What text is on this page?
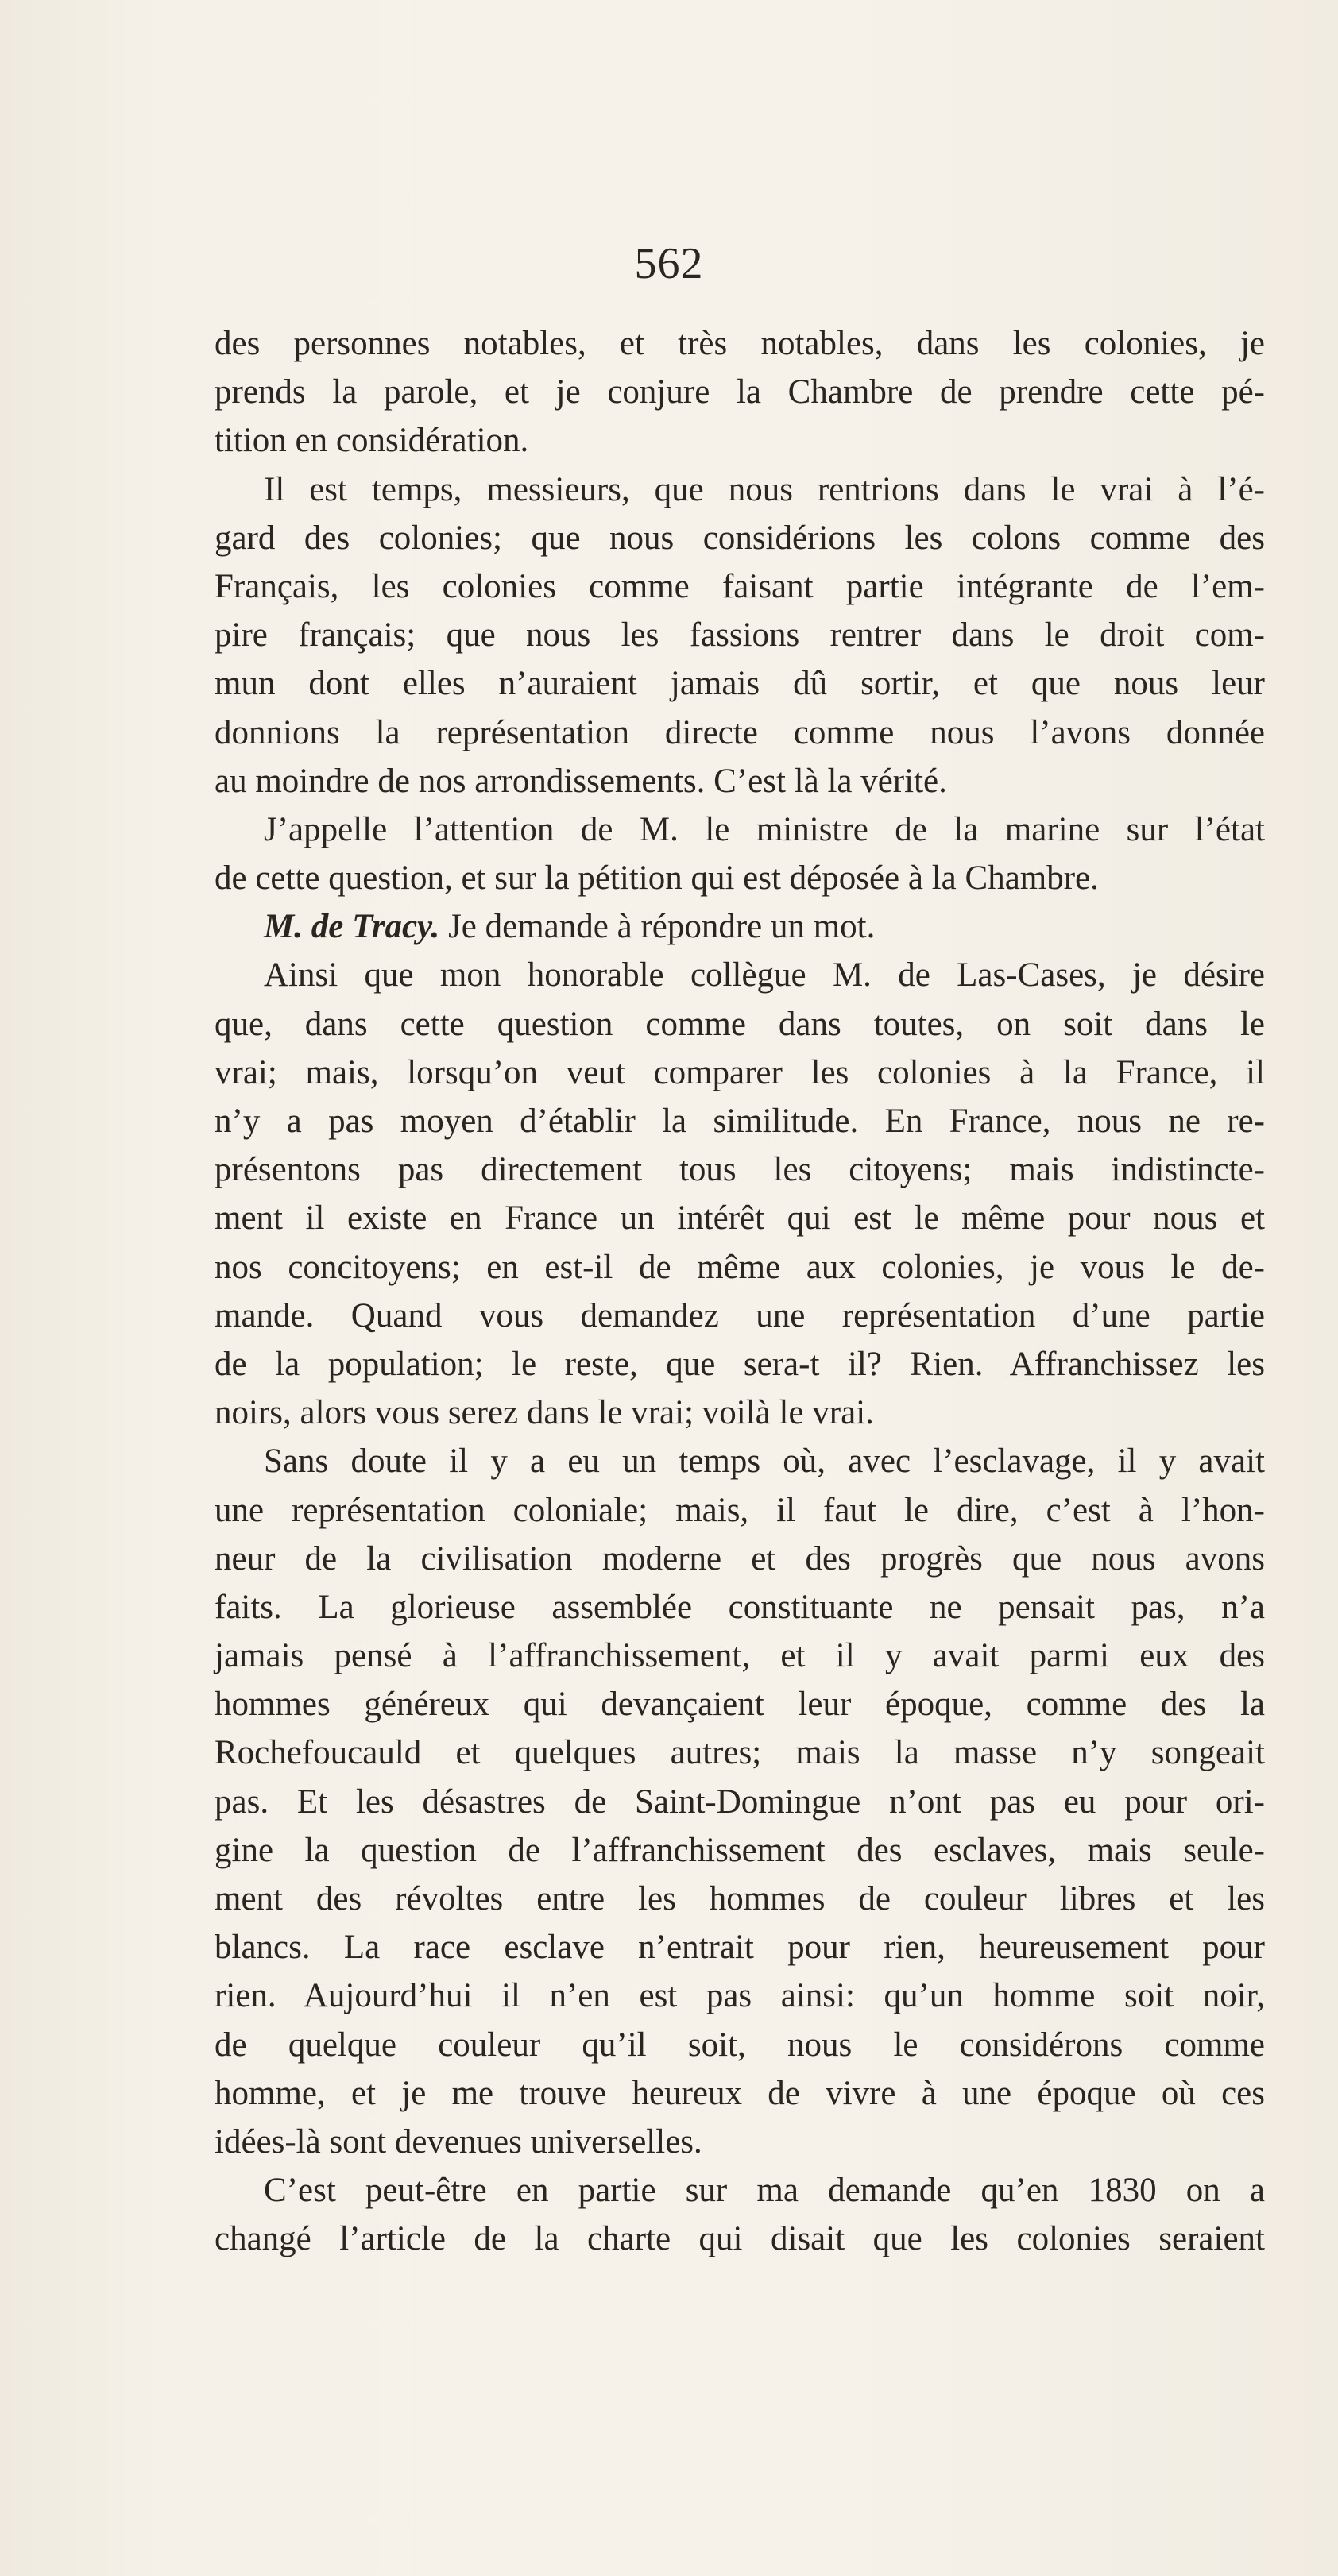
562
des personnes notables, et très notables, dans les colonies, je
prends la parole, et je conjure la Chambre de prendre cette pé-
tition en considération.
Il est temps, messieurs, que nous rentrions dans le vrai à l’é-
gard des colonies; que nous considérions les colons comme des
Français, les colonies comme faisant partie intégrante de l’em-
pire français; que nous les fassions rentrer dans le droit com-
mun dont elles n’auraient jamais dû sortir, et que nous leur
donnions la représentation directe comme nous l’avons donnée
au moindre de nos arrondissements. C’est là la vérité.
J’appelle l’attention de M. le ministre de la marine sur l’état
de cette question, et sur la pétition qui est déposée à la Chambre.
M. de Tracy. Je demande à répondre un mot.
Ainsi que mon honorable collègue M. de Las-Cases, je désire
que, dans cette question comme dans toutes, on soit dans le
vrai; mais, lorsqu’on veut comparer les colonies à la France, il
n’y a pas moyen d’établir la similitude. En France, nous ne re-
présentons pas directement tous les citoyens; mais indistincte-
ment il existe en France un intérêt qui est le même pour nous et
nos concitoyens; en est-il de même aux colonies, je vous le de-
mande. Quand vous demandez une représentation d’une partie
de la population; le reste, que sera-t il? Rien. Affranchissez les
noirs, alors vous serez dans le vrai; voilà le vrai.
Sans doute il y a eu un temps où, avec l’esclavage, il y avait
une représentation coloniale; mais, il faut le dire, c’est à l’hon-
neur de la civilisation moderne et des progrès que nous avons
faits. La glorieuse assemblée constituante ne pensait pas, n’a
jamais pensé à l’affranchissement, et il y avait parmi eux des
hommes généreux qui devançaient leur époque, comme des la
Rochefoucauld et quelques autres; mais la masse n’y songeait
pas. Et les désastres de Saint-Domingue n’ont pas eu pour ori-
gine la question de l’affranchissement des esclaves, mais seule-
ment des révoltes entre les hommes de couleur libres et les
blancs. La race esclave n’entrait pour rien, heureusement pour
rien. Aujourd’hui il n’en est pas ainsi: qu’un homme soit noir,
de quelque couleur qu’il soit, nous le considérons comme
homme, et je me trouve heureux de vivre à une époque où ces
idées-là sont devenues universelles.
C’est peut-être en partie sur ma demande qu’en 1830 on a
changé l’article de la charte qui disait que les colonies seraient
